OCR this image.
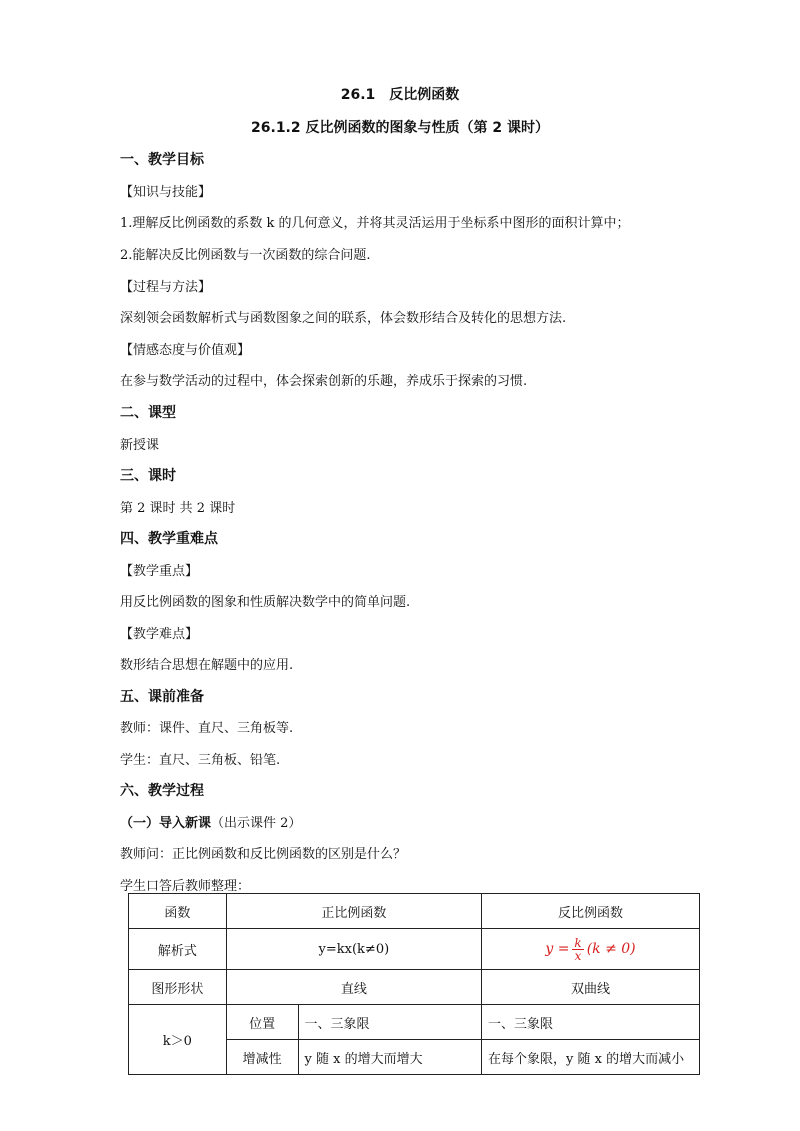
26.1　反比例函数
26.1.2 反比例函数的图象与性质（第 2 课时）
一、教学目标
【知识与技能】
1.理解反比例函数的系数 k 的几何意义，并将其灵活运用于坐标系中图形的面积计算中；
2.能解决反比例函数与一次函数的综合问题.
【过程与方法】
深刻领会函数解析式与函数图象之间的联系，体会数形结合及转化的思想方法.
【情感态度与价值观】
在参与数学活动的过程中，体会探索创新的乐趣，养成乐于探索的习惯.
二、课型
新授课
三、课时
第 2 课时 共 2 课时
四、教学重难点
【教学重点】
用反比例函数的图象和性质解决数学中的简单问题.
【教学难点】
数形结合思想在解题中的应用.
五、课前准备
教师：课件、直尺、三角板等.
学生：直尺、三角板、铅笔.
六、教学过程
（一）导入新课（出示课件 2）
教师问：正比例函数和反比例函数的区别是什么？
学生口答后教师整理：
函数	正比例函数		反比例函数
解析式	y=kx(k≠0)		$y = \frac{k}{x} (k \ne 0)$

图形形状	直线		双曲线
k＞0	位置	一、三象限	一、三象限
	增减性	y 随 x 的增大而增大	在每个象限，y 随 x 的增大而减小
